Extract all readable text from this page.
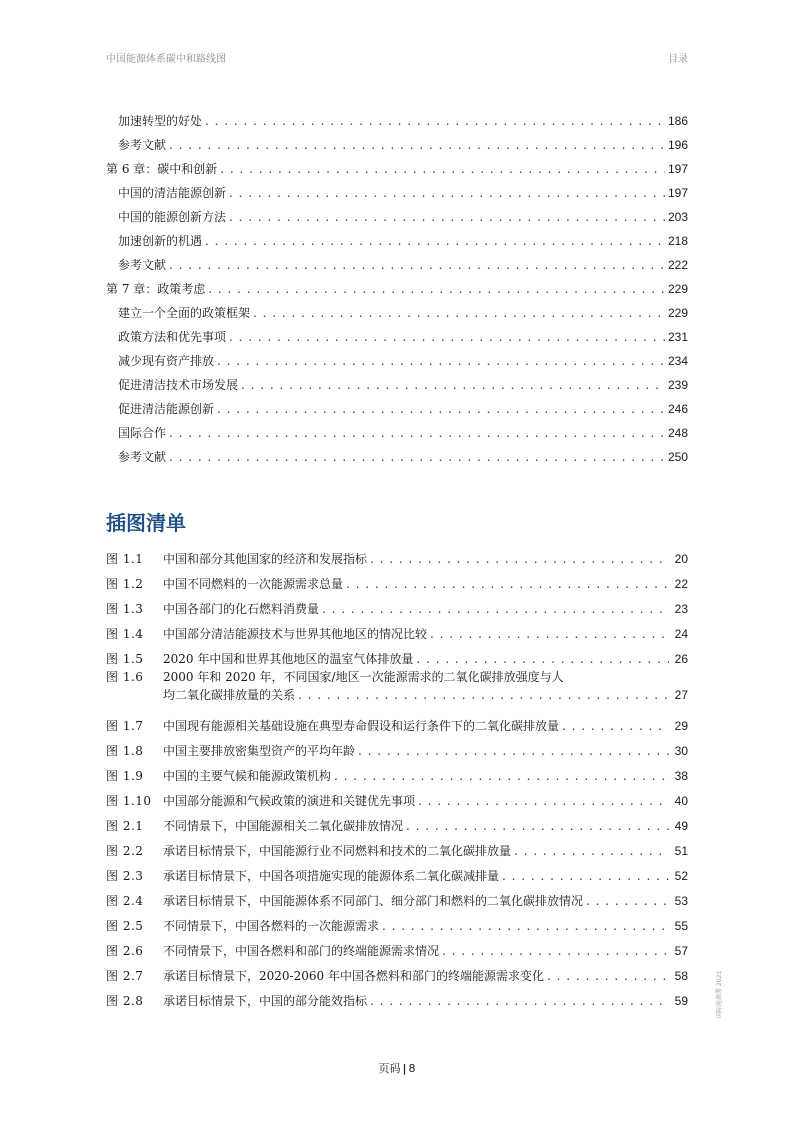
中国能源体系碳中和路线图	目录
加速转型的好处 . . .	186
参考文献 . . .	196
第 6 章：碳中和创新 . . .	197
中国的清洁能源创新 . . .	197
中国的能源创新方法 . . .	203
加速创新的机遇 . . .	218
参考文献 . . .	222
第 7 章：政策考虑 . . .	229
建立一个全面的政策框架 . . .	229
政策方法和优先事项 . . .	231
减少现有资产排放 . . .	234
促进清洁技术市场发展 . . .	239
促进清洁能源创新 . . .	246
国际合作 . . .	248
参考文献 . . .	250
插图清单
图 1.1	中国和部分其他国家的经济和发展指标 . . .	20
图 1.2	中国不同燃料的一次能源需求总量 . . .	22
图 1.3	中国各部门的化石燃料消费量 . . .	23
图 1.4	中国部分清洁能源技术与世界其他地区的情况比较 . . .	24
图 1.5	2020 年中国和世界其他地区的温室气体排放量 . . .	26
图 1.6	2000 年和 2020 年，不同国家/地区一次能源需求的二氧化碳排放强度与人
均二氧化碳排放量的关系 . . .	27
图 1.7	中国现有能源相关基础设施在典型寿命假设和运行条件下的二氧化碳排放量 . . .	29
图 1.8	中国主要排放密集型资产的平均年龄 . . .	30
图 1.9	中国的主要气候和能源政策机构 . . .	38
图 1.10 中国部分能源和气候政策的演进和关键优先事项 . . .	40
图 2.1	不同情景下，中国能源相关二氧化碳排放情况 . . .	49
图 2.2	承诺目标情景下，中国能源行业不同燃料和技术的二氧化碳排放量 . . .	51
图 2.3	承诺目标情景下，中国各项措施实现的能源体系二氧化碳减排量 . . .	52
图 2.4	承诺目标情景下，中国能源体系不同部门、细分部门和燃料的二氧化碳排放情况 . . .	53
图 2.5	不同情景下，中国各燃料的一次能源需求 . . .	55
图 2.6	不同情景下，中国各燃料和部门的终端能源需求情况 . . .	57
图 2.7	承诺目标情景下，2020-2060 年中国各燃料和部门的终端能源需求变化 . . .	58
图 2.8	承诺目标情景下，中国的部分能效指标 . . .	59
页码 | 8
国际能源署 2021
